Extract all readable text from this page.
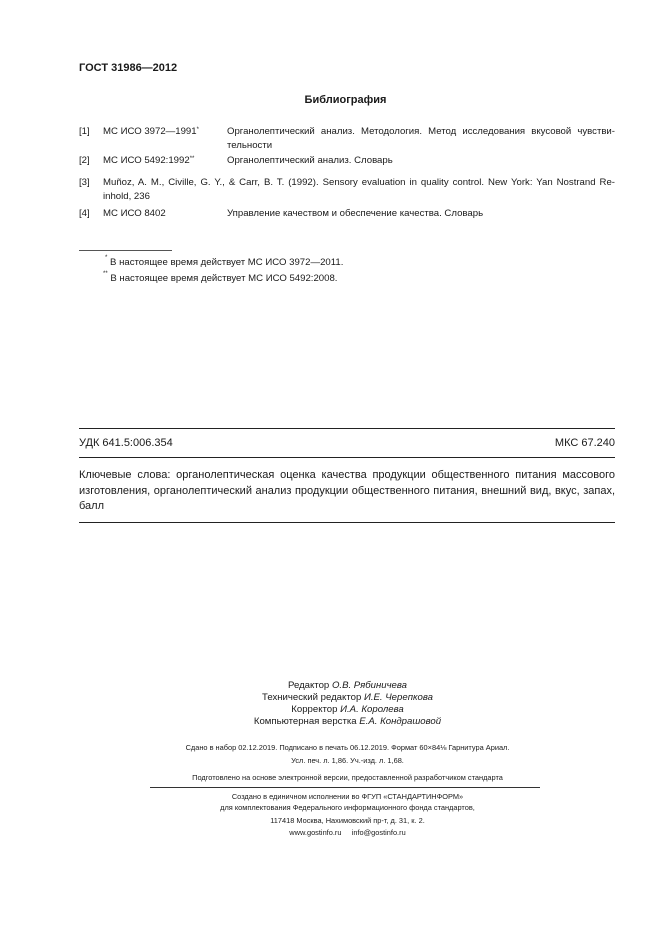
ГОСТ 31986—2012
Библиография
[1] МС ИСО 3972—1991*	Органолептический анализ. Методология. Метод исследования вкусовой чувстви- тельности
[2] МС ИСО 5492:1992**	Органолептический анализ. Словарь
[3] Muñoz, A. M., Civille, G. Y., & Carr, B. T. (1992). Sensory evaluation in quality control. New York: Yan Nostrand Re- inhold, 236
[4] МС ИСО 8402	Управление качеством и обеспечение качества. Словарь
* В настоящее время действует МС ИСО 3972—2011.
** В настоящее время действует МС ИСО 5492:2008.
УДК 641.5:006.354	МКС 67.240
Ключевые слова: органолептическая оценка качества продукции общественного питания массового изготовления, органолептический анализ продукции общественного питания, внешний вид, вкус, запах, балл
Редактор О.В. Рябиничева
Технический редактор И.Е. Черепкова
Корректор И.А. Королева
Компьютерная верстка Е.А. Кондрашовой
Сдано в набор 02.12.2019. Подписано в печать 06.12.2019. Формат 60×84⅛ Гарнитура Ариал.
Усл. печ. л. 1,86. Уч.-изд. л. 1,68.
Подготовлено на основе электронной версии, предоставленной разработчиком стандарта
Создано в единичном исполнении во ФГУП «СТАНДАРТИНФОРМ»
для комплектования Федерального информационного фонда стандартов,
117418 Москва, Нахимовский пр-т, д. 31, к. 2.
www.gostinfo.ru info@gostinfo.ru
